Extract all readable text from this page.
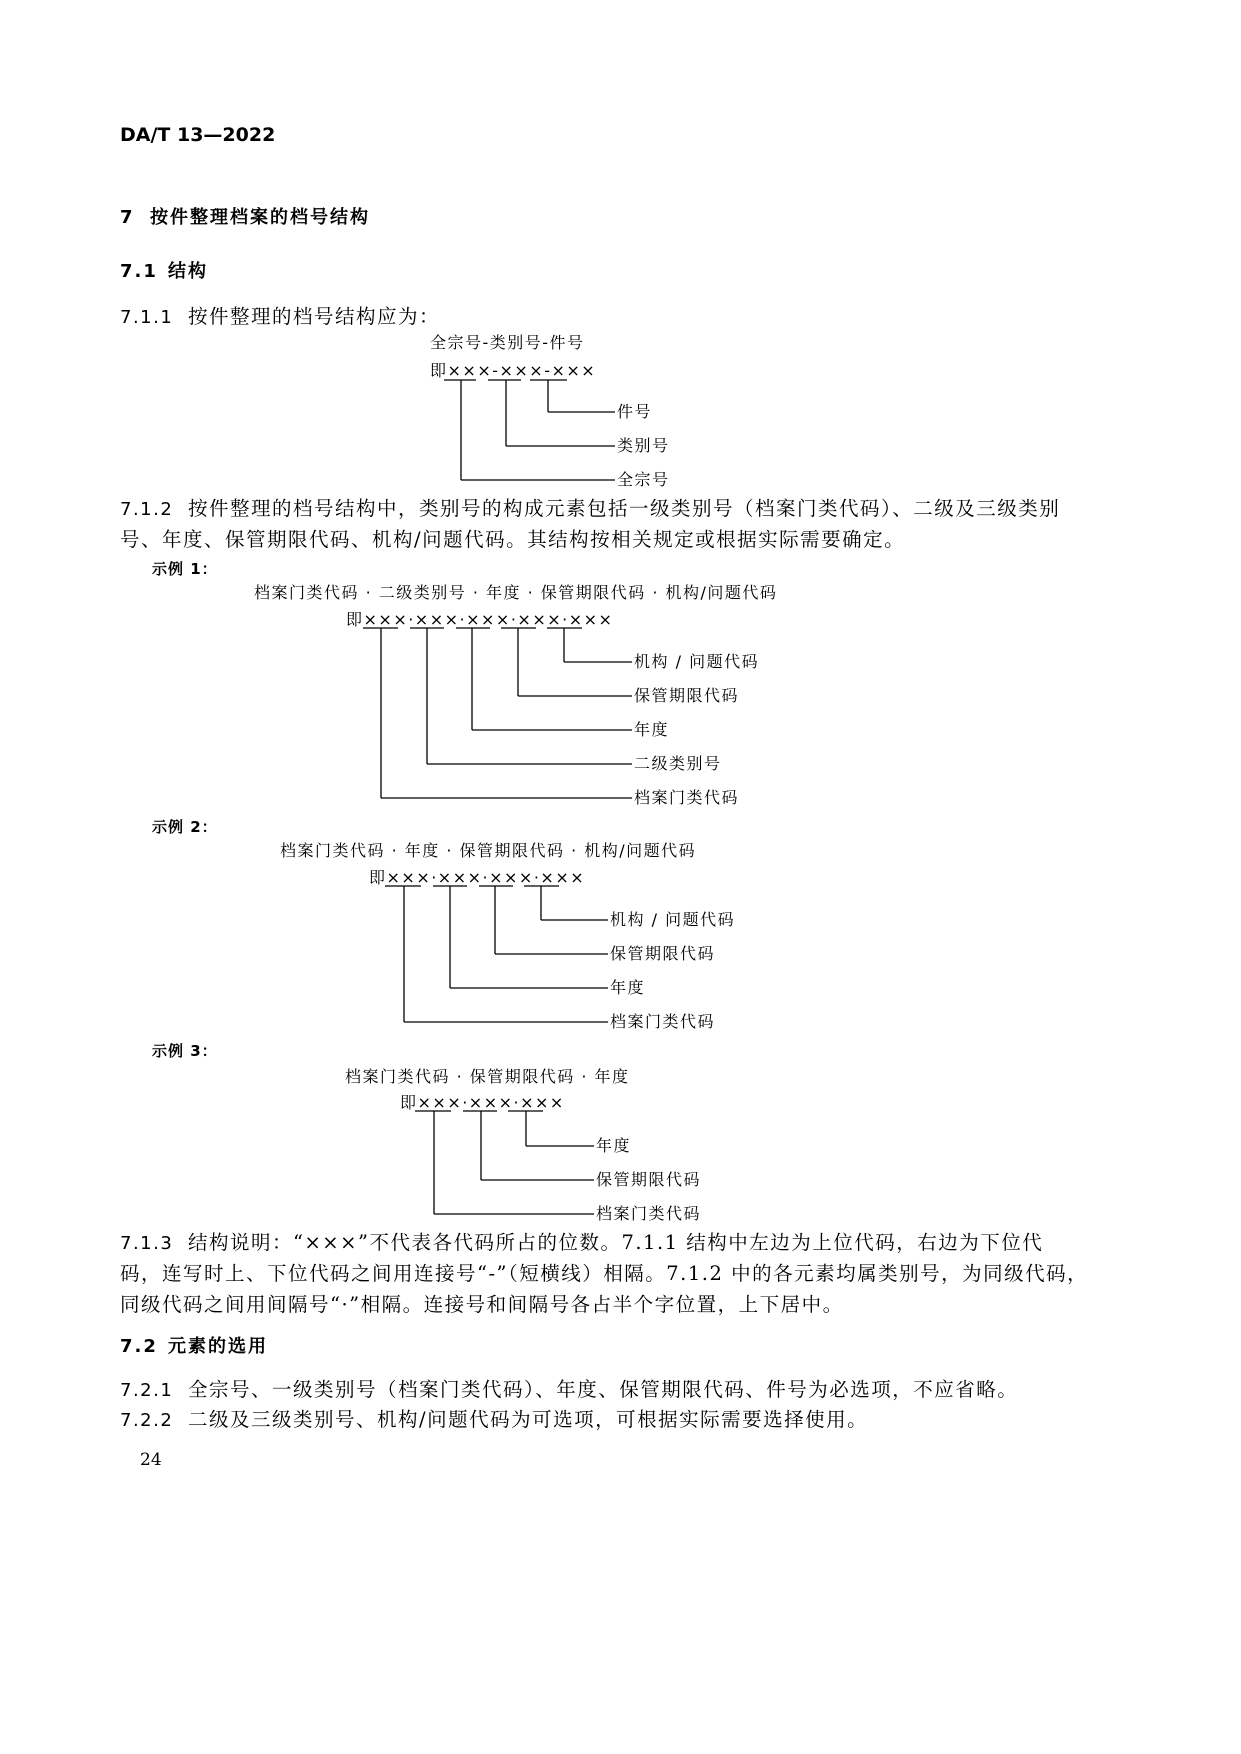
DA/T 13—2022
7 按件整理档案的档号结构
7.1 结构
7.1.1 按件整理的档号结构应为：
全宗号-类别号-件号
即×××-×××-×××
件号
类别号
全宗号
7.1.2 按件整理的档号结构中，类别号的构成元素包括一级类别号（档案门类代码）、二级及三级类别
号、年度、保管期限代码、机构/问题代码。其结构按相关规定或根据实际需要确定。
示例 1：
档案门类代码 · 二级类别号 · 年度 · 保管期限代码 · 机构/问题代码
即×××·×××·×××·×××·×××
机构 / 问题代码
保管期限代码
年度
二级类别号
档案门类代码
示例 2：
档案门类代码 · 年度 · 保管期限代码 · 机构/问题代码
即×××·×××·×××·×××
机构 / 问题代码
保管期限代码
年度
档案门类代码
示例 3：
档案门类代码 · 保管期限代码 · 年度
即×××·×××·×××
年度
保管期限代码
档案门类代码
7.1.3 结构说明：“×××”不代表各代码所占的位数。7.1.1 结构中左边为上位代码，右边为下位代
码，连写时上、下位代码之间用连接号“-”（短横线）相隔。7.1.2 中的各元素均属类别号，为同级代码，
同级代码之间用间隔号“·”相隔。连接号和间隔号各占半个字位置，上下居中。
7.2 元素的选用
7.2.1 全宗号、一级类别号（档案门类代码）、年度、保管期限代码、件号为必选项，不应省略。
7.2.2 二级及三级类别号、机构/问题代码为可选项，可根据实际需要选择使用。
24
